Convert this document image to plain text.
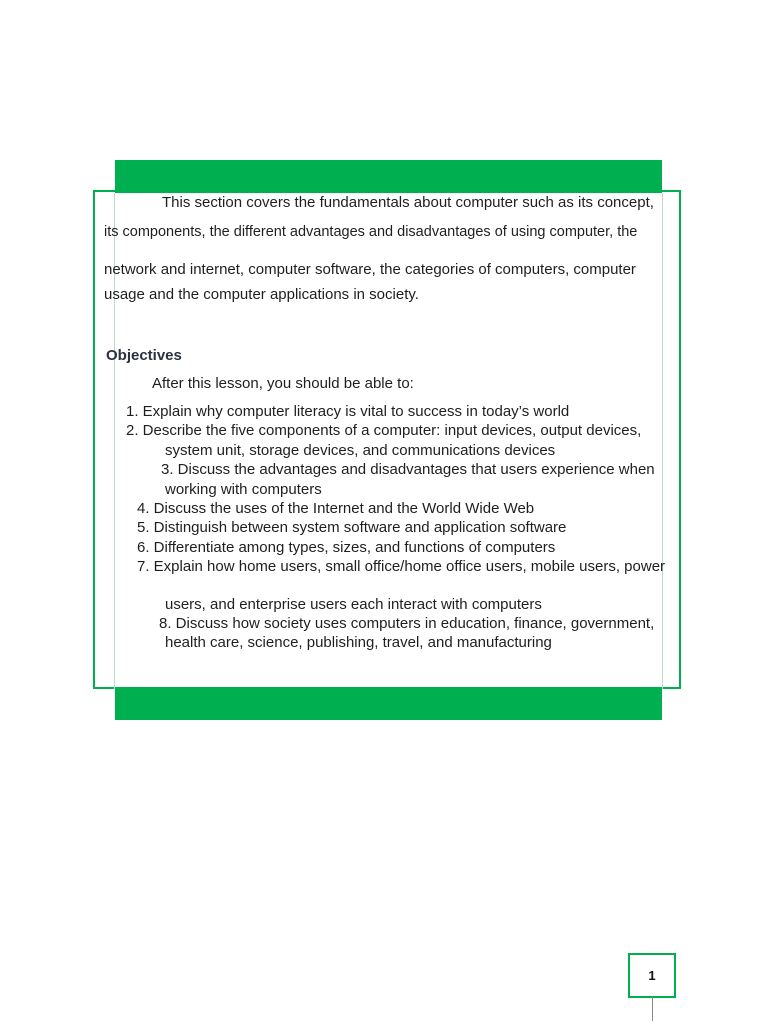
This section covers the fundamentals about computer such as its concept,
its components, the different advantages and disadvantages of using computer, the
network and internet, computer software, the categories of computers, computer
usage and the computer applications in society.
Objectives
After this lesson, you should be able to:
1. Explain why computer literacy is vital to success in today’s world
2. Describe the five components of a computer: input devices, output devices,
system unit, storage devices, and communications devices
3. Discuss the advantages and disadvantages that users experience when
working with computers
4. Discuss the uses of the Internet and the World Wide Web
5. Distinguish between system software and application software
6. Differentiate among types, sizes, and functions of computers
7. Explain how home users, small office/home office users, mobile users, power
users, and enterprise users each interact with computers
8. Discuss how society uses computers in education, finance, government,
health care, science, publishing, travel, and manufacturing
1
